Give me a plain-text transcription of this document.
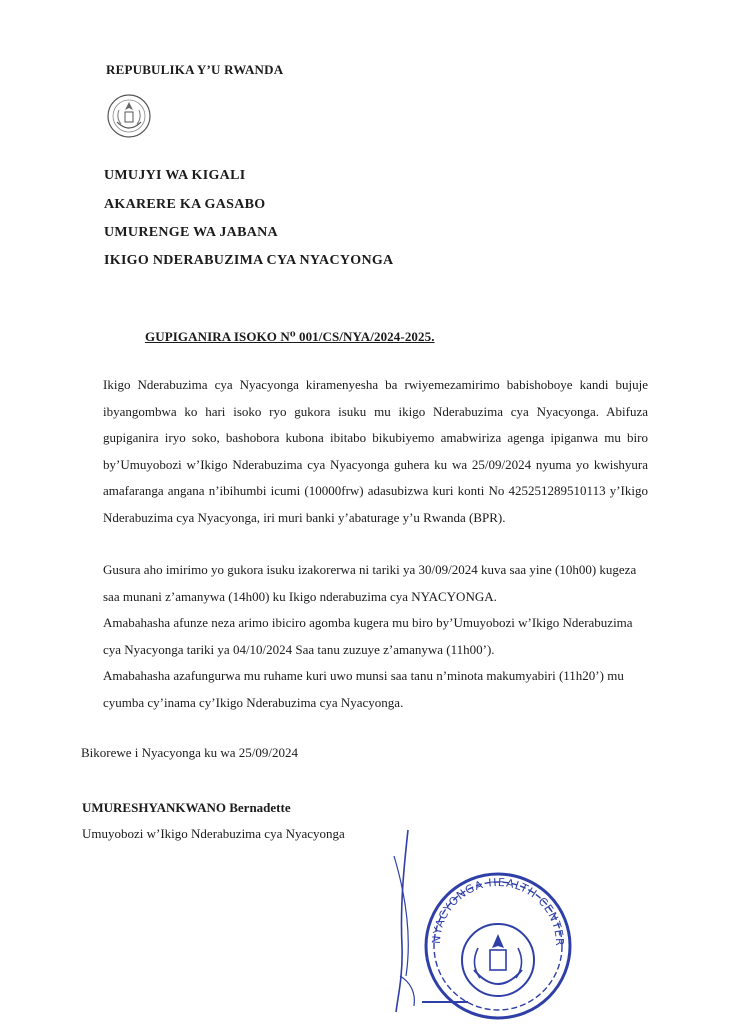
REPUBULIKA Y’U RWANDA
UMUJYI WA KIGALI
AKARERE KA GASABO
UMURENGE WA JABANA
IKIGO NDERABUZIMA CYA NYACYONGA
GUPIGANIRA ISOKO N⁰ 001/CS/NYA/2024-2025.
Ikigo Nderabuzima cya Nyacyonga kiramenyesha ba rwiyemezamirimo babishoboye kandi bujuje ibyangombwa ko hari isoko ryo gukora isuku mu ikigo Nderabuzima cya Nyacyonga. Abifuza gupiganira iryo soko, bashobora kubona ibitabo bikubiyemo amabwiriza agenga ipiganwa mu biro by’Umuyobozi w’Ikigo Nderabuzima cya Nyacyonga guhera ku wa 25/09/2024 nyuma yo kwishyura amafaranga angana n’ibihumbi icumi (10000frw) adasubizwa kuri konti No 425251289510113 y’Ikigo Nderabuzima cya Nyacyonga, iri muri banki y’abaturage y’u Rwanda (BPR).
Gusura aho imirimo yo gukora isuku izakorerwa ni tariki ya 30/09/2024 kuva saa yine (10h00) kugeza saa munani z’amanywa (14h00) ku Ikigo nderabuzima cya NYACYONGA.
Amabahasha afunze neza arimo ibiciro agomba kugera mu biro by’Umuyobozi w’Ikigo Nderabuzima cya Nyacyonga tariki ya 04/10/2024 Saa tanu zuzuye z’amanywa (11h00’).
Amabahasha azafungurwa mu ruhame kuri uwo munsi saa tanu n’minota makumyabiri (11h20’) mu cyumba cy’inama cy’Ikigo Nderabuzima cya Nyacyonga.
Bikorewe i Nyacyonga ku wa 25/09/2024
UMURESHYANKWANO Bernadette
Umuyobozi w’Ikigo Nderabuzima cya Nyacyonga
NYACYONGA HEALTH CENTER
